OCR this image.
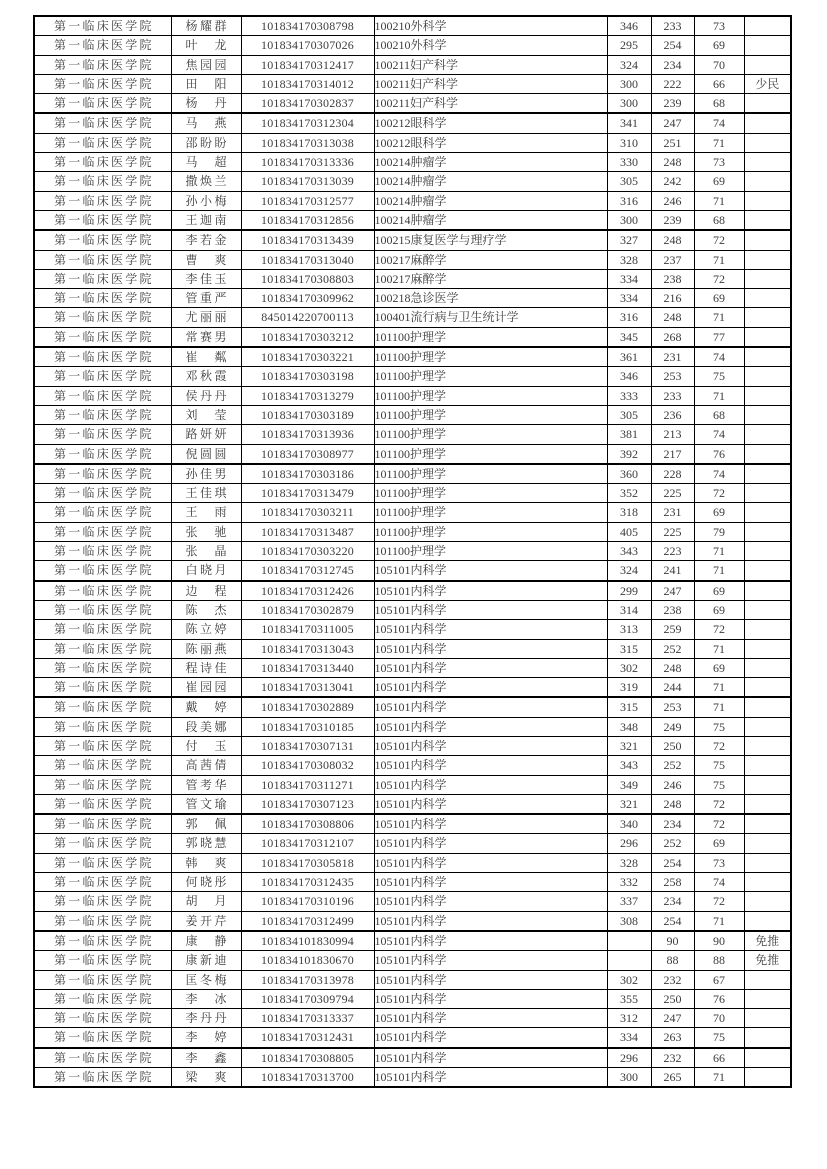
第一临床医学院	杨耀群	101834170308798	100210外科学	346	233	73	

第一临床医学院	叶龙	101834170307026	100210外科学	295	254	69	

第一临床医学院	焦园园	101834170312417	100211妇产科学	324	234	70	

第一临床医学院	田阳	101834170314012	100211妇产科学	300	222	66	少民

第一临床医学院	杨丹	101834170302837	100211妇产科学	300	239	68	

第一临床医学院	马燕	101834170312304	100212眼科学	341	247	74	

第一临床医学院	邵盼盼	101834170313038	100212眼科学	310	251	71	

第一临床医学院	马超	101834170313336	100214肿瘤学	330	248	73	

第一临床医学院	撒焕兰	101834170313039	100214肿瘤学	305	242	69	

第一临床医学院	孙小梅	101834170312577	100214肿瘤学	316	246	71	

第一临床医学院	王迦南	101834170312856	100214肿瘤学	300	239	68	

第一临床医学院	李若金	101834170313439	100215康复医学与理疗学	327	248	72	

第一临床医学院	曹爽	101834170313040	100217麻醉学	328	237	71	

第一临床医学院	李佳玉	101834170308803	100217麻醉学	334	238	72	

第一临床医学院	管重严	101834170309962	100218急诊医学	334	216	69	

第一临床医学院	尤丽丽	845014220700113	100401流行病与卫生统计学	316	248	71	

第一临床医学院	常赛男	101834170303212	101100护理学	345	268	77	

第一临床医学院	崔粼	101834170303221	101100护理学	361	231	74	

第一临床医学院	邓秋霞	101834170303198	101100护理学	346	253	75	

第一临床医学院	侯丹丹	101834170313279	101100护理学	333	233	71	

第一临床医学院	刘莹	101834170303189	101100护理学	305	236	68	

第一临床医学院	路妍妍	101834170313936	101100护理学	381	213	74	

第一临床医学院	倪圆圆	101834170308977	101100护理学	392	217	76	

第一临床医学院	孙佳男	101834170303186	101100护理学	360	228	74	

第一临床医学院	王佳琪	101834170313479	101100护理学	352	225	72	

第一临床医学院	王雨	101834170303211	101100护理学	318	231	69	

第一临床医学院	张驰	101834170313487	101100护理学	405	225	79	

第一临床医学院	张晶	101834170303220	101100护理学	343	223	71	

第一临床医学院	白晓月	101834170312745	105101内科学	324	241	71	

第一临床医学院	边程	101834170312426	105101内科学	299	247	69	

第一临床医学院	陈杰	101834170302879	105101内科学	314	238	69	

第一临床医学院	陈立婷	101834170311005	105101内科学	313	259	72	

第一临床医学院	陈丽燕	101834170313043	105101内科学	315	252	71	

第一临床医学院	程诗佳	101834170313440	105101内科学	302	248	69	

第一临床医学院	崔园园	101834170313041	105101内科学	319	244	71	

第一临床医学院	戴婷	101834170302889	105101内科学	315	253	71	

第一临床医学院	段美娜	101834170310185	105101内科学	348	249	75	

第一临床医学院	付玉	101834170307131	105101内科学	321	250	72	

第一临床医学院	高茜倩	101834170308032	105101内科学	343	252	75	

第一临床医学院	管考华	101834170311271	105101内科学	349	246	75	

第一临床医学院	管文瑜	101834170307123	105101内科学	321	248	72	

第一临床医学院	郭佩	101834170308806	105101内科学	340	234	72	

第一临床医学院	郭晓慧	101834170312107	105101内科学	296	252	69	

第一临床医学院	韩爽	101834170305818	105101内科学	328	254	73	

第一临床医学院	何晓彤	101834170312435	105101内科学	332	258	74	

第一临床医学院	胡月	101834170310196	105101内科学	337	234	72	

第一临床医学院	姜开芹	101834170312499	105101内科学	308	254	71	

第一临床医学院	康静	101834101830994	105101内科学		90	90	免推

第一临床医学院	康新迪	101834101830670	105101内科学		88	88	免推

第一临床医学院	匡冬梅	101834170313978	105101内科学	302	232	67	

第一临床医学院	李冰	101834170309794	105101内科学	355	250	76	

第一临床医学院	李丹丹	101834170313337	105101内科学	312	247	70	

第一临床医学院	李婷	101834170312431	105101内科学	334	263	75	

第一临床医学院	李鑫	101834170308805	105101内科学	296	232	66	

第一临床医学院	梁爽	101834170313700	105101内科学	300	265	71	
